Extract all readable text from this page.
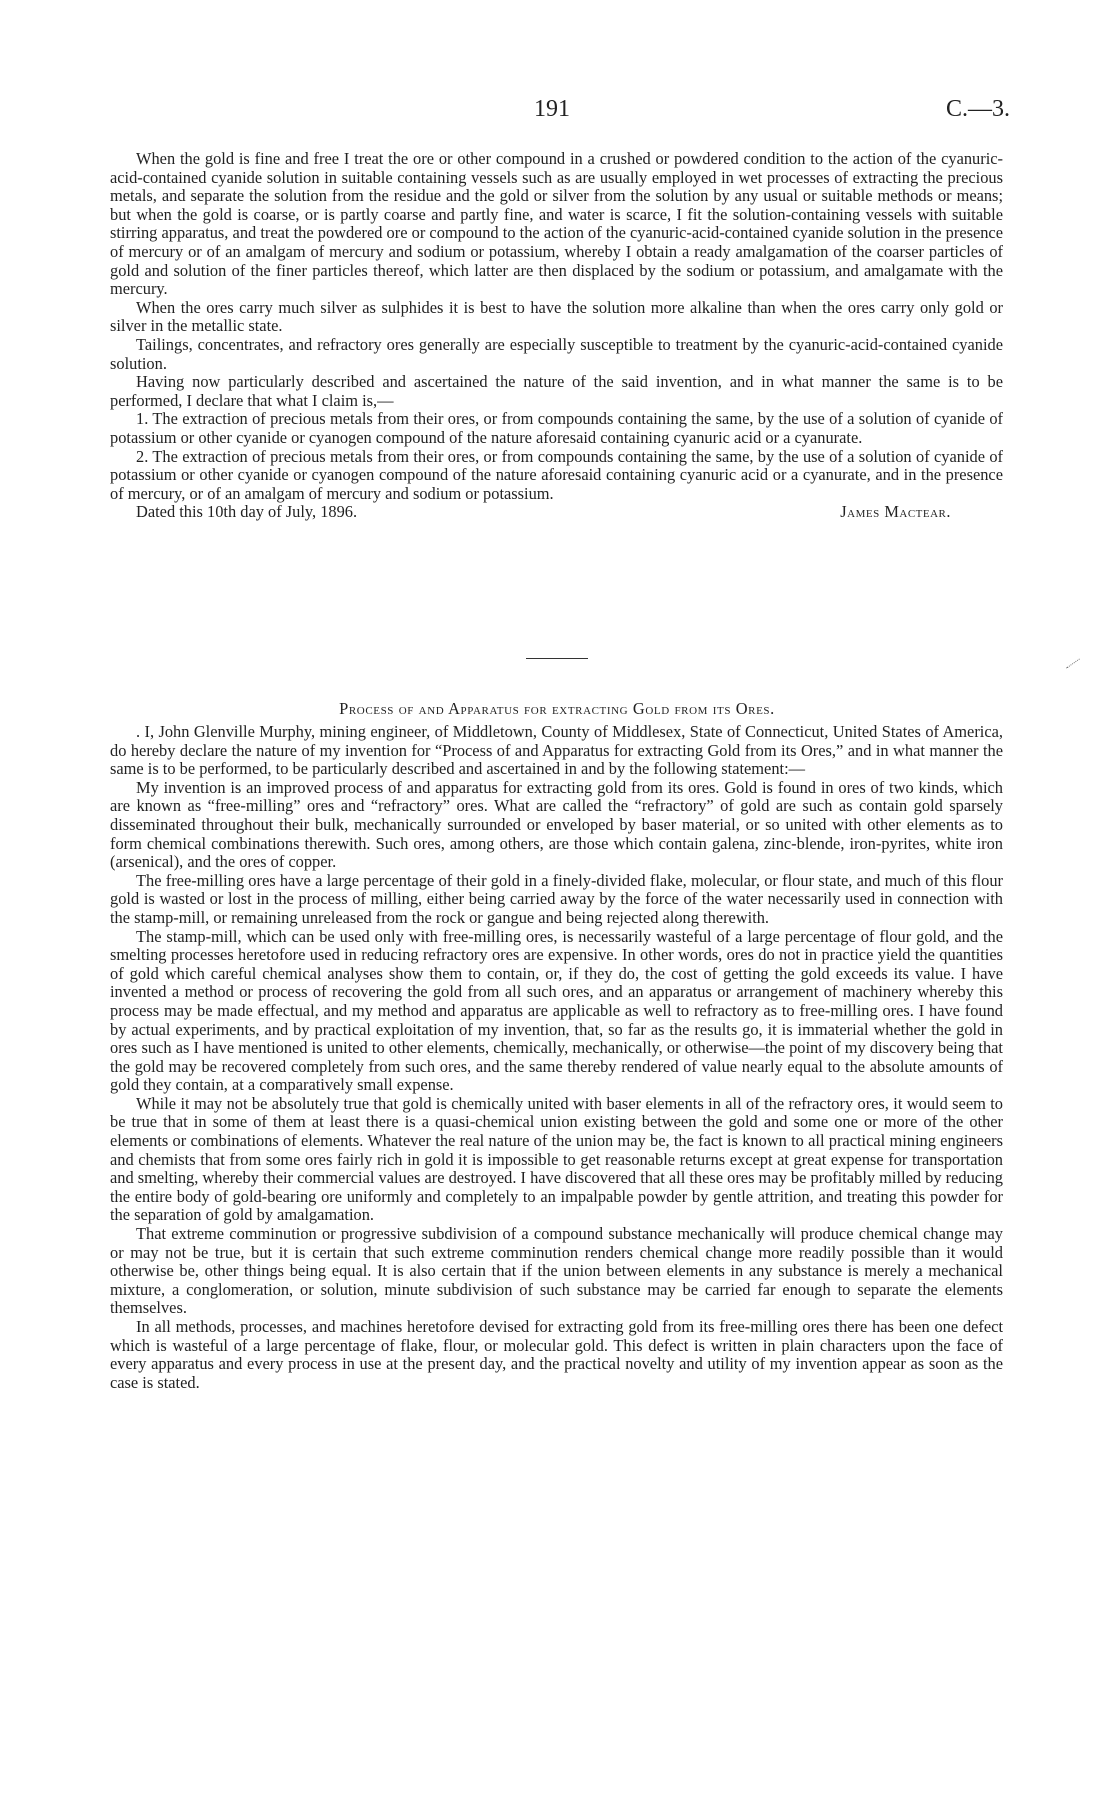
191	C.—3.

When the gold is fine and free I treat the ore or other compound in a crushed or powdered condition to the action of the cyanuric-acid-contained cyanide solution in suitable containing vessels such as are usually employed in wet processes of extracting the precious metals, and separate the solution from the residue and the gold or silver from the solution by any usual or suitable methods or means; but when the gold is coarse, or is partly coarse and partly fine, and water is scarce, I fit the solution-containing vessels with suitable stirring apparatus, and treat the powdered ore or compound to the action of the cyanuric-acid-contained cyanide solution in the presence of mercury or of an amalgam of mercury and sodium or potassium, whereby I obtain a ready amalgamation of the coarser particles of gold and solution of the finer particles thereof, which latter are then displaced by the sodium or potassium, and amalgamate with the mercury.

When the ores carry much silver as sulphides it is best to have the solution more alkaline than when the ores carry only gold or silver in the metallic state.

Tailings, concentrates, and refractory ores generally are especially susceptible to treatment by the cyanuric-acid-contained cyanide solution.

Having now particularly described and ascertained the nature of the said invention, and in what manner the same is to be performed, I declare that what I claim is,—

1. The extraction of precious metals from their ores, or from compounds containing the same, by the use of a solution of cyanide of potassium or other cyanide or cyanogen compound of the nature aforesaid containing cyanuric acid or a cyanurate.

2. The extraction of precious metals from their ores, or from compounds containing the same, by the use of a solution of cyanide of potassium or other cyanide or cyanogen compound of the nature aforesaid containing cyanuric acid or a cyanurate, and in the presence of mercury, or of an amalgam of mercury and sodium or potassium.

Dated this 10th day of July, 1896.	James Mactear.
Process of and Apparatus for extracting Gold from its Ores.

. I, John Glenville Murphy, mining engineer, of Middletown, County of Middlesex, State of Connecticut, United States of America, do hereby declare the nature of my invention for “Process of and Apparatus for extracting Gold from its Ores,” and in what manner the same is to be performed, to be particularly described and ascertained in and by the following statement:—

My invention is an improved process of and apparatus for extracting gold from its ores. Gold is found in ores of two kinds, which are known as “free-milling” ores and “refractory” ores. What are called the “refractory” of gold are such as contain gold sparsely disseminated throughout their bulk, mechanically surrounded or enveloped by baser material, or so united with other elements as to form chemical combinations therewith. Such ores, among others, are those which contain galena, zinc-blende, iron-pyrites, white iron (arsenical), and the ores of copper.

The free-milling ores have a large percentage of their gold in a finely-divided flake, molecular, or flour state, and much of this flour gold is wasted or lost in the process of milling, either being carried away by the force of the water necessarily used in connection with the stamp-mill, or remaining unreleased from the rock or gangue and being rejected along therewith.

The stamp-mill, which can be used only with free-milling ores, is necessarily wasteful of a large percentage of flour gold, and the smelting processes heretofore used in reducing refractory ores are expensive. In other words, ores do not in practice yield the quantities of gold which careful chemical analyses show them to contain, or, if they do, the cost of getting the gold exceeds its value. I have invented a method or process of recovering the gold from all such ores, and an apparatus or arrangement of machinery whereby this process may be made effectual, and my method and apparatus are applicable as well to refractory as to free-milling ores. I have found by actual experiments, and by practical exploitation of my invention, that, so far as the results go, it is immaterial whether the gold in ores such as I have mentioned is united to other elements, chemically, mechanically, or otherwise—the point of my discovery being that the gold may be recovered completely from such ores, and the same thereby rendered of value nearly equal to the absolute amounts of gold they contain, at a comparatively small expense.

While it may not be absolutely true that gold is chemically united with baser elements in all of the refractory ores, it would seem to be true that in some of them at least there is a quasi-chemical union existing between the gold and some one or more of the other elements or combinations of elements. Whatever the real nature of the union may be, the fact is known to all practical mining engineers and chemists that from some ores fairly rich in gold it is impossible to get reasonable returns except at great expense for transportation and smelting, whereby their commercial values are destroyed. I have discovered that all these ores may be profitably milled by reducing the entire body of gold-bearing ore uniformly and completely to an impalpable powder by gentle attrition, and treating this powder for the separation of gold by amalgamation.

That extreme comminution or progressive subdivision of a compound substance mechanically will produce chemical change may or may not be true, but it is certain that such extreme comminution renders chemical change more readily possible than it would otherwise be, other things being equal. It is also certain that if the union between elements in any substance is merely a mechanical mixture, a conglomeration, or solution, minute subdivision of such substance may be carried far enough to separate the elements themselves.

In all methods, processes, and machines heretofore devised for extracting gold from its free-milling ores there has been one defect which is wasteful of a large percentage of flake, flour, or molecular gold. This defect is written in plain characters upon the face of every apparatus and every process in use at the present day, and the practical novelty and utility of my invention appear as soon as the case is stated.
